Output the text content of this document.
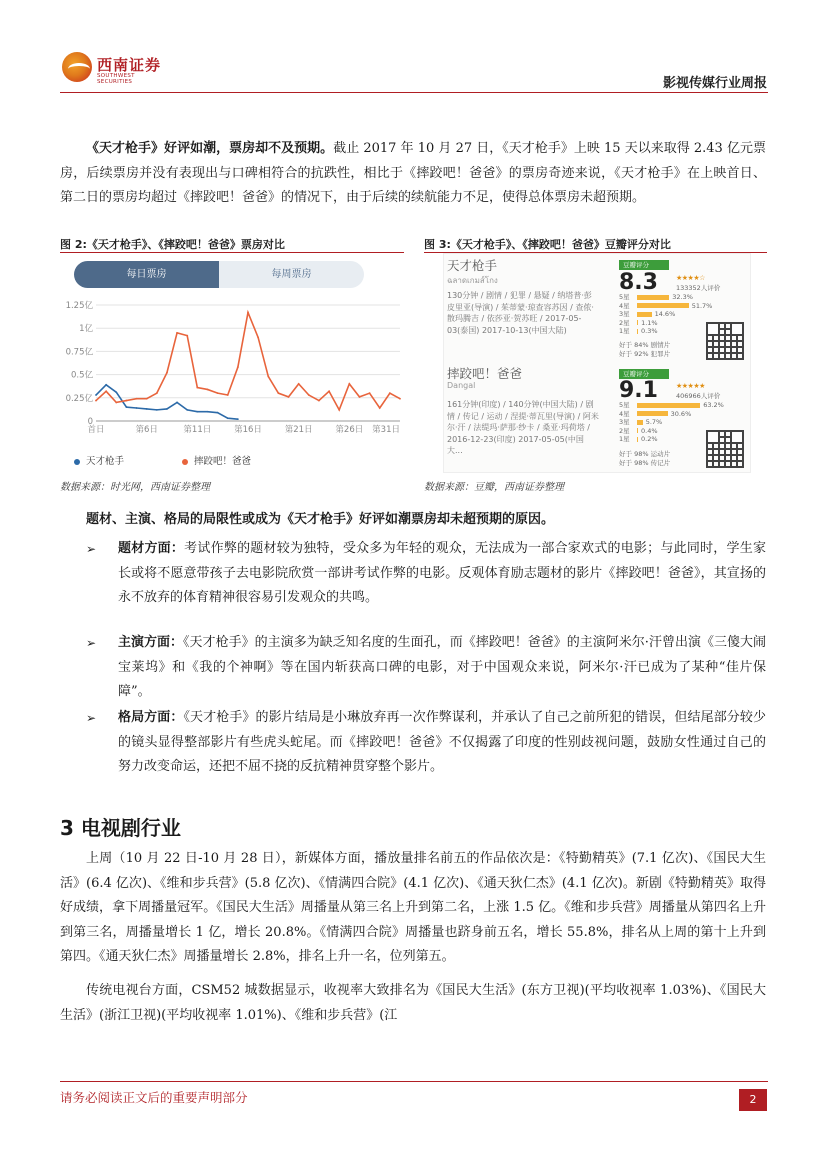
西南证券
SOUTHWEST SECURITIES	影视传媒行业周报
《天才枪手》好评如潮，票房却不及预期。截止 2017 年 10 月 27 日，《天才枪手》上映 15 天以来取得 2.43 亿元票房，后续票房并没有表现出与口碑相符合的抗跌性，相比于《摔跤吧！爸爸》的票房奇迹来说，《天才枪手》在上映首日、第二日的票房均超过《摔跤吧！爸爸》的情况下，由于后续的续航能力不足，使得总体票房未超预期。
图 2:《天才枪手》、《摔跤吧！爸爸》票房对比
每日票房	每周票房
0
0.25亿
0.5亿
0.75亿
1亿
1.25亿
首日	第6日	第11日	第16日	第21日	第26日 第31日
天才枪手	摔跤吧！爸爸
数据来源：时光网，西南证券整理
图 3:《天才枪手》、《摔跤吧！爸爸》豆瓣评分对比
天才枪手
ฉลาดเกมส์โกง
130分钟 / 剧情 / 犯罪 / 悬疑 / 纳塔普·彭皮里亚(导演) / 茱蒂蒙·琼查容苏因 / 查侬·散玛腾吉 / 依莎亚·贺苏旺 / 2017-05-03(泰国) 2017-10-13(中国大陆)
豆瓣评分
8.3	★★★★☆
133352人评价
5星	32.3%
4星	51.7%
3星	14.6%
2星 1.1%
1星 0.3%
好于 84% 剧情片
好于 92% 犯罪片
摔跤吧！爸爸
Dangal
161分钟(印度) / 140分钟(中国大陆) / 剧情 / 传记 / 运动 / 涅提·蒂瓦里(导演) / 阿米尔·汗 / 法缇玛·萨那·纱卡 / 桑亚·玛荷塔 / 2016-12-23(印度) 2017-05-05(中国大...
豆瓣评分
9.1	★★★★★
406966人评价
5星	63.2%
4星	30.6%
3星 5.7%
2星 0.4%
1星 0.2%
好于 98% 运动片
好于 98% 传记片
数据来源：豆瓣，西南证券整理
题材、主演、格局的局限性或成为《天才枪手》好评如潮票房却未超预期的原因。
➢ 题材方面：考试作弊的题材较为独特，受众多为年轻的观众，无法成为一部合家欢式的电影；与此同时，学生家长或将不愿意带孩子去电影院欣赏一部讲考试作弊的电影。反观体育励志题材的影片《摔跤吧！爸爸》，其宣扬的永不放弃的体育精神很容易引发观众的共鸣。
➢ 主演方面：《天才枪手》的主演多为缺乏知名度的生面孔，而《摔跤吧！爸爸》的主演阿米尔·汗曾出演《三傻大闹宝莱坞》和《我的个神啊》等在国内斩获高口碑的电影，对于中国观众来说，阿米尔·汗已成为了某种“佳片保障”。
➢ 格局方面：《天才枪手》的影片结局是小琳放弃再一次作弊谋利，并承认了自己之前所犯的错误，但结尾部分较少的镜头显得整部影片有些虎头蛇尾。而《摔跤吧！爸爸》不仅揭露了印度的性别歧视问题，鼓励女性通过自己的努力改变命运，还把不屈不挠的反抗精神贯穿整个影片。
3 电视剧行业
上周（10 月 22 日-10 月 28 日），新媒体方面，播放量排名前五的作品依次是：《特勤精英》(7.1 亿次)、《国民大生活》(6.4 亿次)、《维和步兵营》(5.8 亿次)、《情满四合院》(4.1 亿次)、《通天狄仁杰》(4.1 亿次)。新剧《特勤精英》取得好成绩，拿下周播量冠军。《国民大生活》周播量从第三名上升到第二名，上涨 1.5 亿。《维和步兵营》周播量从第四名上升到第三名，周播量增长 1 亿，增长 20.8%。《情满四合院》周播量也跻身前五名，增长 55.8%，排名从上周的第十上升到第四。《通天狄仁杰》周播量增长 2.8%，排名上升一名，位列第五。
传统电视台方面，CSM52 城数据显示，收视率大致排名为《国民大生活》(东方卫视)(平均收视率 1.03%)、《国民大生活》(浙江卫视)(平均收视率 1.01%)、《维和步兵营》(江
请务必阅读正文后的重要声明部分	2
